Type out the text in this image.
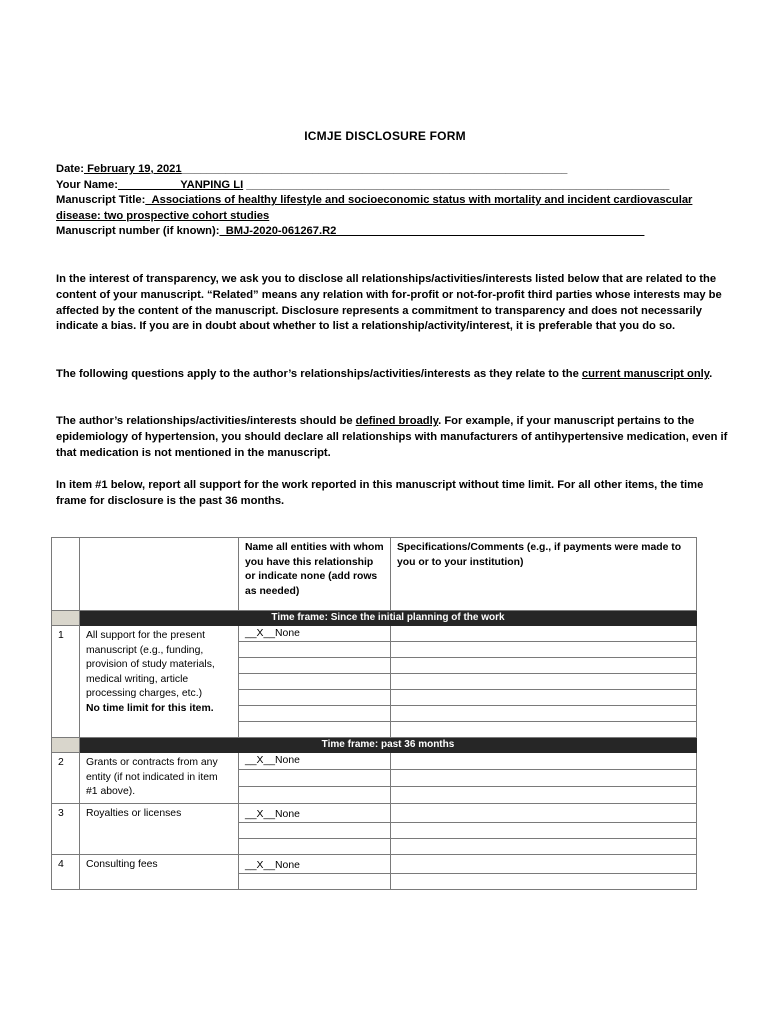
ICMJE DISCLOSURE FORM
Date: February 19, 2021______________________________________________________________
Your Name:__________YANPING LI ____________________________________________________________________
Manuscript Title:_Associations of healthy lifestyle and socioeconomic status with mortality and incident cardiovascular
disease: two prospective cohort studies
Manuscript number (if known):_BMJ-2020-061267.R2___________________ ______________________________
In the interest of transparency, we ask you to disclose all relationships/activities/interests listed below that are related to the content of your manuscript. “Related” means any relation with for-profit or not-for-profit third parties whose interests may be affected by the content of the manuscript. Disclosure represents a commitment to transparency and does not necessarily indicate a bias. If you are in doubt about whether to list a relationship/activity/interest, it is preferable that you do so.
The following questions apply to the author’s relationships/activities/interests as they relate to the current manuscript only.
The author’s relationships/activities/interests should be defined broadly. For example, if your manuscript pertains to the epidemiology of hypertension, you should declare all relationships with manufacturers of antihypertensive medication, even if that medication is not mentioned in the manuscript.
In item #1 below, report all support for the work reported in this manuscript without time limit. For all other items, the time frame for disclosure is the past 36 months.
		Name all entities with whom you have this relationship or indicate none (add rows as needed)	Specifications/Comments (e.g., if payments were made to you or to your institution)
	Time frame: Since the initial planning of the work		
1	All support for the present manuscript (e.g., funding, provision of study materials, medical writing, article processing charges, etc.)
No time limit for this item.	__X__None	

	Time frame: past 36 months		
2	Grants or contracts from any entity (if not indicated in item #1 above).	__X__None	

3	Royalties or licenses	__X__None	

4	Consulting fees	__X__None	
